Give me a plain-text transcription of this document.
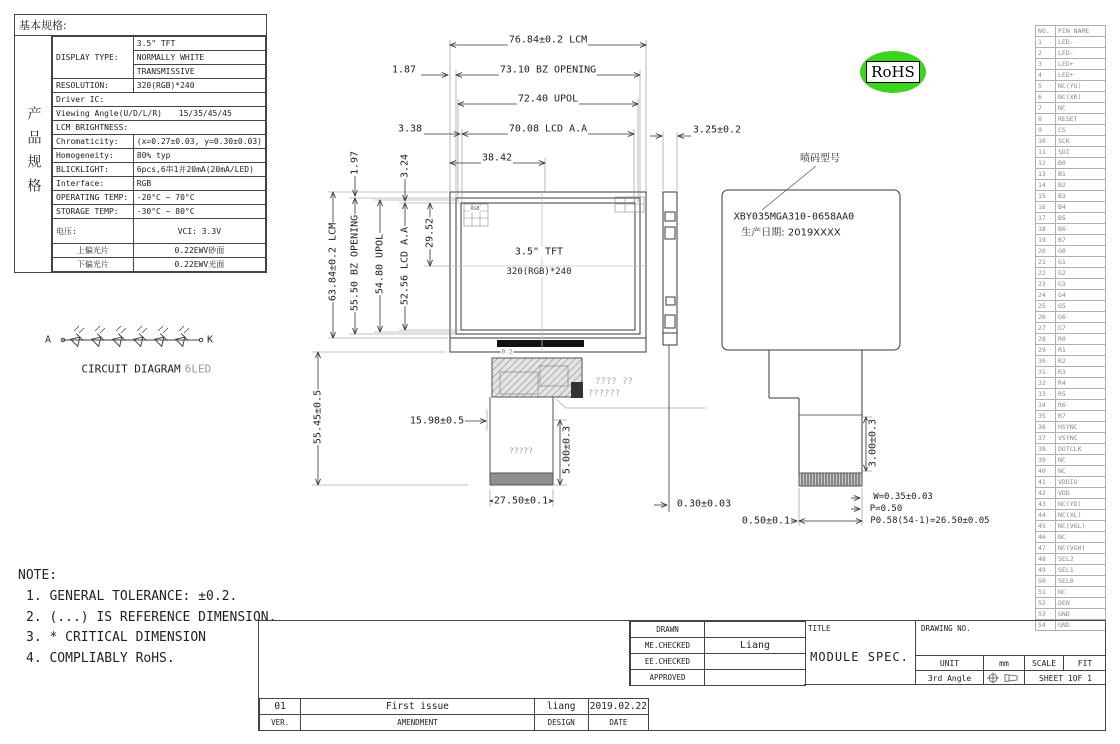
基本规格:
产品规格
DISPLAY TYPE:	3.5" TFT
	NORMALLY WHITE
	TRANSMISSIVE
RESOLUTION:	320(RGB)*240
Driver IC:	
Viewing Angle(U/D/L/R) 15/35/45/45	
LCM BRIGHTNESS:	
Chromaticity:	(x=0.27±0.03, y=0.30±0.03)
Homogeneity:	80% typ
BLICKLIGHT:	6pcs,6串1并20mA(20mA/LED)
Interface:	RGB
OPERATING TEMP:	-20°C ~ 70°C
STORAGE TEMP:	-30°C ~ 80°C
电压:	VCI: 3.3V
上偏光片	0.22EWV砂面
下偏光片	0.22EWV光面
NOTE:
1. GENERAL TOLERANCE: ±0.2.
2. (...) IS REFERENCE DIMENSION.
3. * CRITICAL DIMENSION
4. COMPLIABLY RoHS.
RoHS
NO.	PIN NAME
1	LED-
2	LED-
3	LED+
4	LED+
5	NC(YU)
6	NC(XR)
7	NC
8	RESET
9	CS
10	SCK
11	SDI
12	B0
13	B1
14	B2
15	B3
16	B4
17	B5
18	B6
19	B7
20	G0
21	G1
22	G2
23	G3
24	G4
25	G5
26	G6
27	G7
28	R0
29	R1
30	R2
31	R3
32	R4
33	R5
34	R6
35	R7
36	HSYNC
37	VSYNC
38	DOTCLK
39	NC
40	NC
41	VDDIO
42	VDD
43	NC(YD)
44	NC(XL)
45	NC(VGL)
46	NC
47	NC(VGH)
48	SEL2
49	SEL1
50	SEL0
51	NC
52	DEN
53	GND
54	GND
DRAWN	
ME.CHECKED	Liang
EE.CHECKED	
APPROVED	
TITLE
MODULE SPEC.
DRAWING NO.
UNIT	mm	SCALE	FIT
3rd Angle	SHEET 1OF 1
01	First issue	liang	2019.02.22
VER.	AMENDMENT	DESIGN	DATE
76.84±0.2 LCM
1.87	73.10 BZ OPENING
72.40 UPOL
3.38	70.08 LCD A.A
38.42
1.97	3.24
63.84±0.2 LCM 55.50 BZ OPENING 54.80 UPOL 52.56 LCD A.A 29.52
55.45±0.5	15.98±0.5
3.5" TFT
320(RGB)*240
RGB
?????
0.2
???? ??
??????
27.50±0.1
5.00±0.3
3.25±0.2
0.30±0.03
0.50±0.1
3.00±0.3
W=0.35±0.03
P=0.50
P0.58(54-1)=26.50±0.05
喷码型号
XBY035MGA310-0658AA0
生产日期: 2019XXXX
A	K
CIRCUIT DIAGRAM 6LED
